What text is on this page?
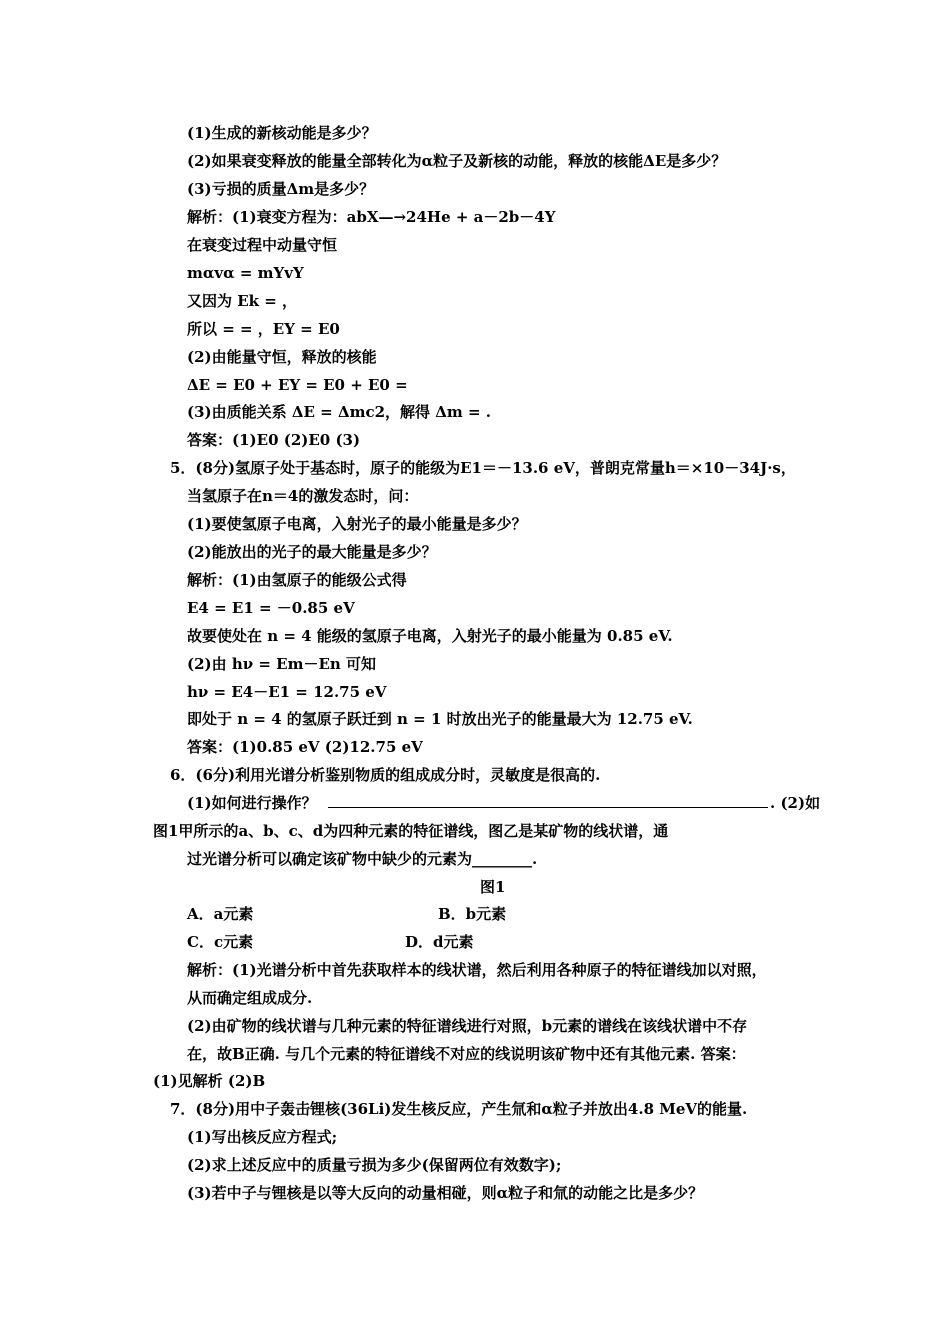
(1)生成的新核动能是多少？
(2)如果衰变释放的能量全部转化为α粒子及新核的动能，释放的核能ΔE是多少？
(3)亏损的质量Δm是多少？
解析：(1)衰变方程为：abX—→24He + a－2b－4Y
在衰变过程中动量守恒
mαvα = mYvY
又因为 Ek = ，
所以 = = ，EY = E0
(2)由能量守恒，释放的核能
ΔE = E0 + EY = E0 + E0 =
(3)由质能关系 ΔE = Δmc2，解得 Δm = .
答案：(1)E0 (2)E0 (3)
5．(8分)氢原子处于基态时，原子的能级为E1＝－13.6 eV，普朗克常量h＝×10－34J·s，
当氢原子在n＝4的激发态时，问：
(1)要使氢原子电离，入射光子的最小能量是多少？
(2)能放出的光子的最大能量是多少？
解析：(1)由氢原子的能级公式得
E4 = E1 = －0.85 eV
故要使处在 n = 4 能级的氢原子电离，入射光子的最小能量为 0.85 eV.
(2)由 hν = Em－En 可知
hν = E4－E1 = 12.75 eV
即处于 n = 4 的氢原子跃迁到 n = 1 时放出光子的能量最大为 12.75 eV.
答案：(1)0.85 eV (2)12.75 eV
6．(6分)利用光谱分析鉴别物质的组成成分时，灵敏度是很高的.
(1)如何进行操作？	. (2)如
图1甲所示的a、b、c、d为四种元素的特征谱线，图乙是某矿物的线状谱，通
过光谱分析可以确定该矿物中缺少的元素为________.
图1
A．a元素	B．b元素
C．c元素	D．d元素
解析：(1)光谱分析中首先获取样本的线状谱，然后利用各种原子的特征谱线加以对照，
从而确定组成成分.
(2)由矿物的线状谱与几种元素的特征谱线进行对照，b元素的谱线在该线状谱中不存
在，故B正确. 与几个元素的特征谱线不对应的线说明该矿物中还有其他元素. 答案：
(1)见解析 (2)B
7．(8分)用中子轰击锂核(36Li)发生核反应，产生氚和α粒子并放出4.8 MeV的能量.
(1)写出核反应方程式;
(2)求上述反应中的质量亏损为多少(保留两位有效数字);
(3)若中子与锂核是以等大反向的动量相碰，则α粒子和氚的动能之比是多少？
